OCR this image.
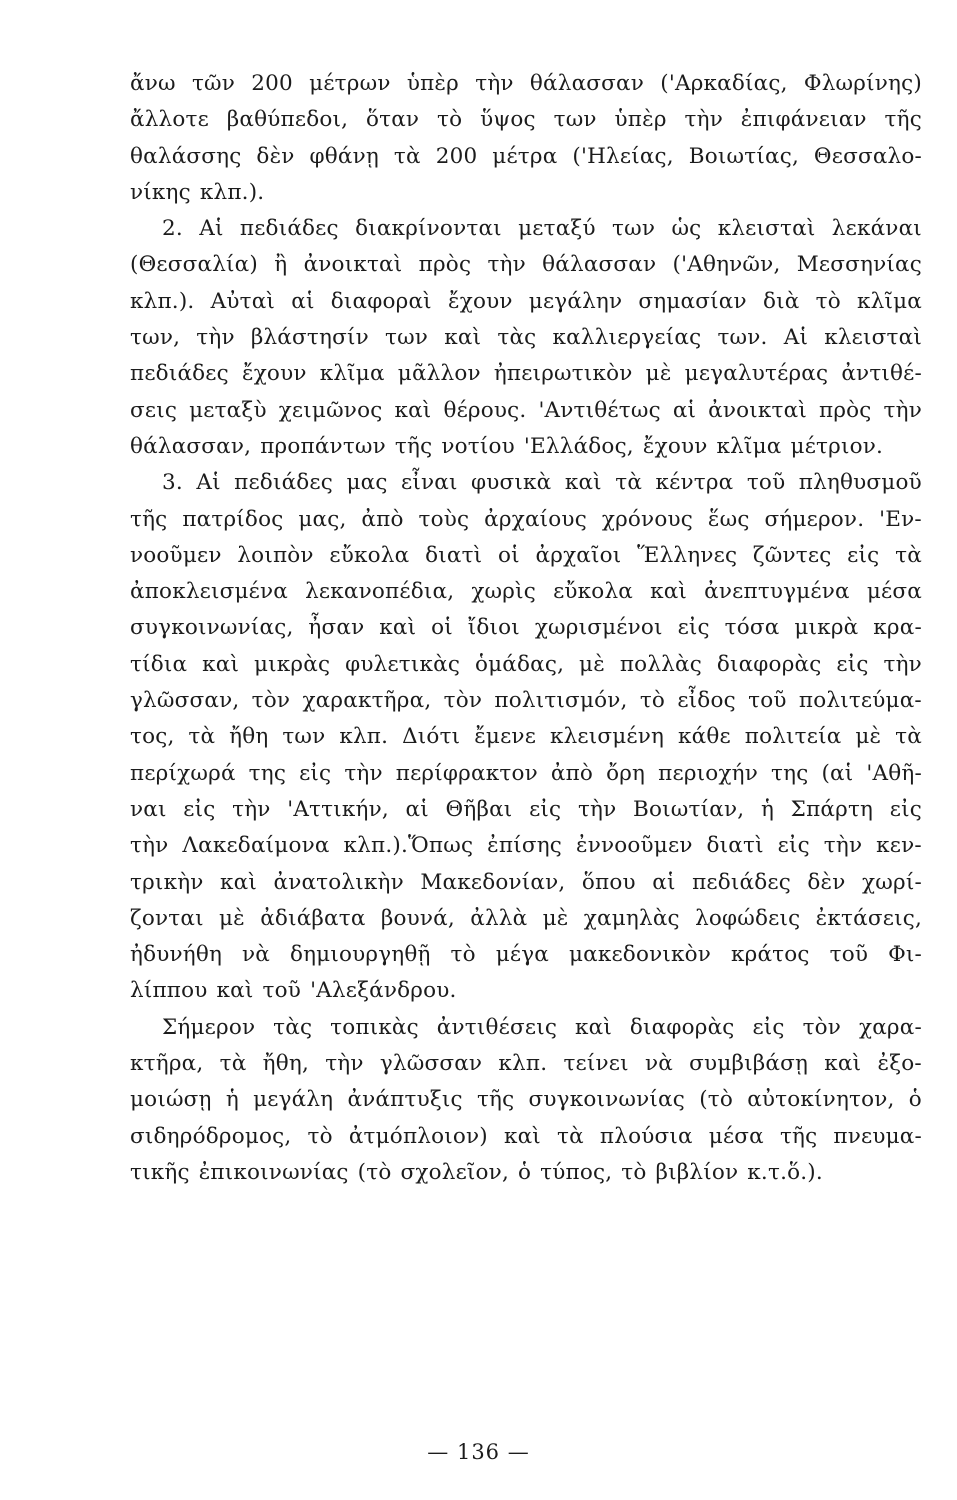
ἄνω τῶν 200 μέτρων ὑπὲρ τὴν θάλασσαν ('Αρκαδίας, Φλωρίνης)
ἄλλοτε βαθύπεδοι, ὅταν τὸ ὕψος των ὑπὲρ τὴν ἐπιφάνειαν τῆς
θαλάσσης δὲν φθάνῃ τὰ 200 μέτρα ('Ηλείας, Βοιωτίας, Θεσσαλο-
νίκης κλπ.).
2. Αἱ πεδιάδες διακρίνονται μεταξύ των ὡς κλεισταὶ λεκάναι
(Θεσσαλία) ἢ ἀνοικταὶ πρὸς τὴν θάλασσαν ('Αθηνῶν, Μεσσηνίας
κλπ.). Αὐταὶ αἱ διαφοραὶ ἔχουν μεγάλην σημασίαν διὰ τὸ κλῖμα
των, τὴν βλάστησίν των καὶ τὰς καλλιεργείας των. Αἱ κλεισταὶ
πεδιάδες ἔχουν κλῖμα μᾶλλον ἠπειρωτικὸν μὲ μεγαλυτέρας ἀντιθέ-
σεις μεταξὺ χειμῶνος καὶ θέρους. 'Αντιθέτως αἱ ἀνοικταὶ πρὸς τὴν
θάλασσαν, προπάντων τῆς νοτίου 'Ελλάδος, ἔχουν κλῖμα μέτριον.
3. Αἱ πεδιάδες μας εἶναι φυσικὰ καὶ τὰ κέντρα τοῦ πληθυσμοῦ
τῆς πατρίδος μας, ἀπὸ τοὺς ἀρχαίους χρόνους ἕως σήμερον. 'Εν-
νοοῦμεν λοιπὸν εὔκολα διατὶ οἱ ἀρχαῖοι Ἕλληνες ζῶντες εἰς τὰ
ἀποκλεισμένα λεκανοπέδια, χωρὶς εὔκολα καὶ ἀνεπτυγμένα μέσα
συγκοινωνίας, ἦσαν καὶ οἱ ἴδιοι χωρισμένοι εἰς τόσα μικρὰ κρα-
τίδια καὶ μικρὰς φυλετικὰς ὁμάδας, μὲ πολλὰς διαφορὰς εἰς τὴν
γλῶσσαν, τὸν χαρακτῆρα, τὸν πολιτισμόν, τὸ εἶδος τοῦ πολιτεύμα-
τος, τὰ ἤθη των κλπ. Διότι ἔμενε κλεισμένη κάθε πολιτεία μὲ τὰ
περίχωρά της εἰς τὴν περίφρακτον ἀπὸ ὄρη περιοχήν της (αἱ 'Αθῆ-
ναι εἰς τὴν 'Αττικήν, αἱ Θῆβαι εἰς τὴν Βοιωτίαν, ἡ Σπάρτη εἰς
τὴν Λακεδαίμονα κλπ.).Ὅπως ἐπίσης ἐννοοῦμεν διατὶ εἰς τὴν κεν-
τρικὴν καὶ ἀνατολικὴν Μακεδονίαν, ὅπου αἱ πεδιάδες δὲν χωρί-
ζονται μὲ ἀδιάβατα βουνά, ἀλλὰ μὲ χαμηλὰς λοφώδεις ἐκτάσεις,
ἠδυνήθη νὰ δημιουργηθῇ τὸ μέγα μακεδονικὸν κράτος τοῦ Φι-
λίππου καὶ τοῦ 'Αλεξάνδρου.
Σήμερον τὰς τοπικὰς ἀντιθέσεις καὶ διαφορὰς εἰς τὸν χαρα-
κτῆρα, τὰ ἤθη, τὴν γλῶσσαν κλπ. τείνει νὰ συμβιβάσῃ καὶ ἐξο-
μοιώσῃ ἡ μεγάλη ἀνάπτυξις τῆς συγκοινωνίας (τὸ αὐτοκίνητον, ὁ
σιδηρόδρομος, τὸ ἀτμόπλοιον) καὶ τὰ πλούσια μέσα τῆς πνευμα-
τικῆς ἐπικοινωνίας (τὸ σχολεῖον, ὁ τύπος, τὸ βιβλίον κ.τ.ὅ.).
— 136 —
